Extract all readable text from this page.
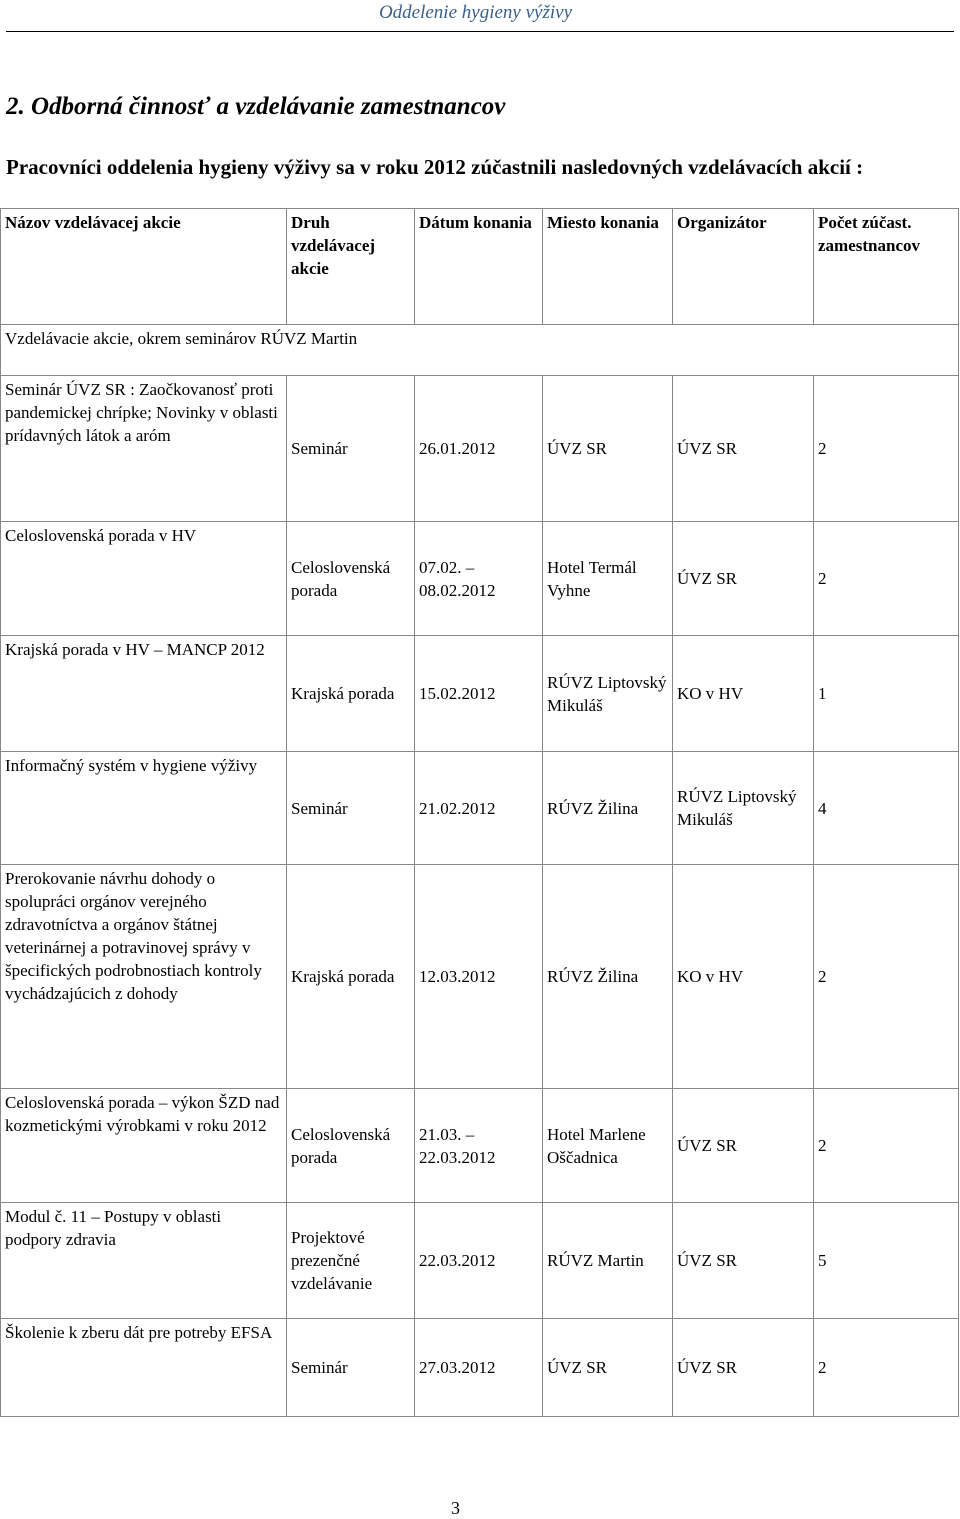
Oddelenie hygieny výživy
2. Odborná činnosť a vzdelávanie zamestnancov
Pracovníci oddelenia hygieny výživy sa v roku 2012 zúčastnili nasledovných vzdelávacích akcií :
Názov vzdelávacej akcie	Druh vzdelávacej akcie	Dátum konania	Miesto konania	Organizátor	Počet zúčast. zamestnancov
Vzdelávacie akcie, okrem seminárov RÚVZ Martin					
Seminár ÚVZ SR : Zaočkovanosť proti pandemickej chrípke; Novinky v oblasti prídavných látok a aróm	Seminár	26.01.2012	ÚVZ SR	ÚVZ SR	2
Celoslovenská porada v HV	Celoslovenská porada	07.02. – 08.02.2012	Hotel Termál Vyhne	ÚVZ SR	2
Krajská porada v HV – MANCP 2012	Krajská porada	15.02.2012	RÚVZ Liptovský Mikuláš	KO v HV	1
Informačný systém v hygiene výživy	Seminár	21.02.2012	RÚVZ Žilina	RÚVZ Liptovský Mikuláš	4
Prerokovanie návrhu dohody o spolupráci orgánov verejného zdravotníctva a orgánov štátnej veterinárnej a potravinovej správy v špecifických podrobnostiach kontroly vychádzajúcich z dohody	Krajská porada	12.03.2012	RÚVZ Žilina	KO v HV	2
Celoslovenská porada – výkon ŠZD nad kozmetickými výrobkami v roku 2012	Celoslovenská porada	21.03. – 22.03.2012	Hotel Marlene Oščadnica	ÚVZ SR	2
Modul č. 11 – Postupy v oblasti podpory zdravia	Projektové prezenčné vzdelávanie	22.03.2012	RÚVZ Martin	ÚVZ SR	5
Školenie k zberu dát pre potreby EFSA	Seminár	27.03.2012	ÚVZ SR	ÚVZ SR	2
3
